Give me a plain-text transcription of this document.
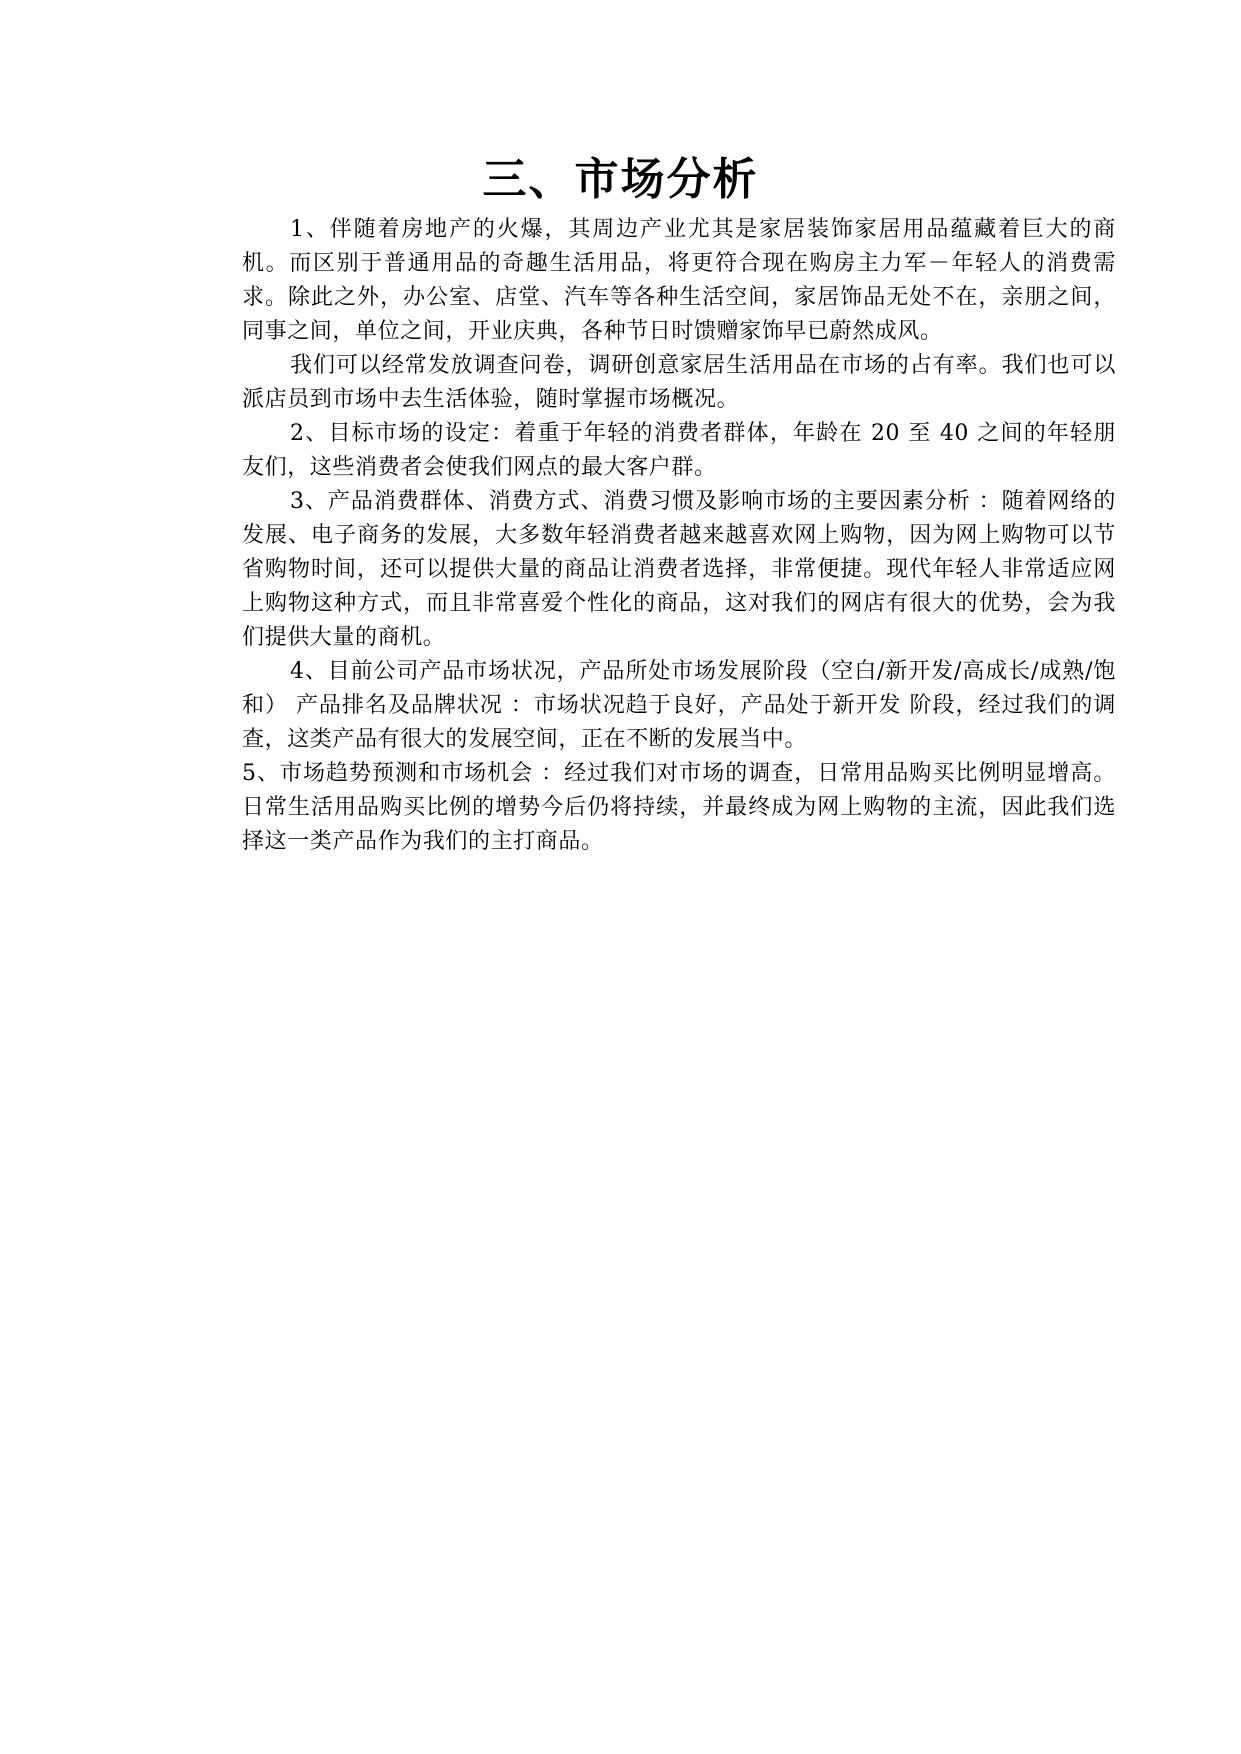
三、市场分析

1、伴随着房地产的火爆，其周边产业尤其是家居装饰家居用品蕴藏着巨大的商机。而区别于普通用品的奇趣生活用品，将更符合现在购房主力军－年轻人的消费需求。除此之外，办公室、店堂、汽车等各种生活空间，家居饰品无处不在，亲朋之间，同事之间，单位之间，开业庆典，各种节日时馈赠家饰早已蔚然成风。

我们可以经常发放调查问卷，调研创意家居生活用品在市场的占有率。我们也可以派店员到市场中去生活体验，随时掌握市场概况。

2、目标市场的设定：着重于年轻的消费者群体，年龄在 20 至 40 之间的年轻朋友们，这些消费者会使我们网点的最大客户群。

3、产品消费群体、消费方式、消费习惯及影响市场的主要因素分析 ：随着网络的发展、电子商务的发展，大多数年轻消费者越来越喜欢网上购物，因为网上购物可以节省购物时间，还可以提供大量的商品让消费者选择，非常便捷。现代年轻人非常适应网上购物这种方式，而且非常喜爱个性化的商品，这对我们的网店有很大的优势，会为我们提供大量的商机。

4、目前公司产品市场状况，产品所处市场发展阶段（空白/新开发/高成长/成熟/饱和） 产品排名及品牌状况 ：市场状况趋于良好，产品处于新开发 阶段，经过我们的调查，这类产品有很大的发展空间，正在不断的发展当中。

5、市场趋势预测和市场机会 ：经过我们对市场的调查，日常用品购买比例明显增高。日常生活用品购买比例的增势今后仍将持续，并最终成为网上购物的主流，因此我们选择这一类产品作为我们的主打商品。
